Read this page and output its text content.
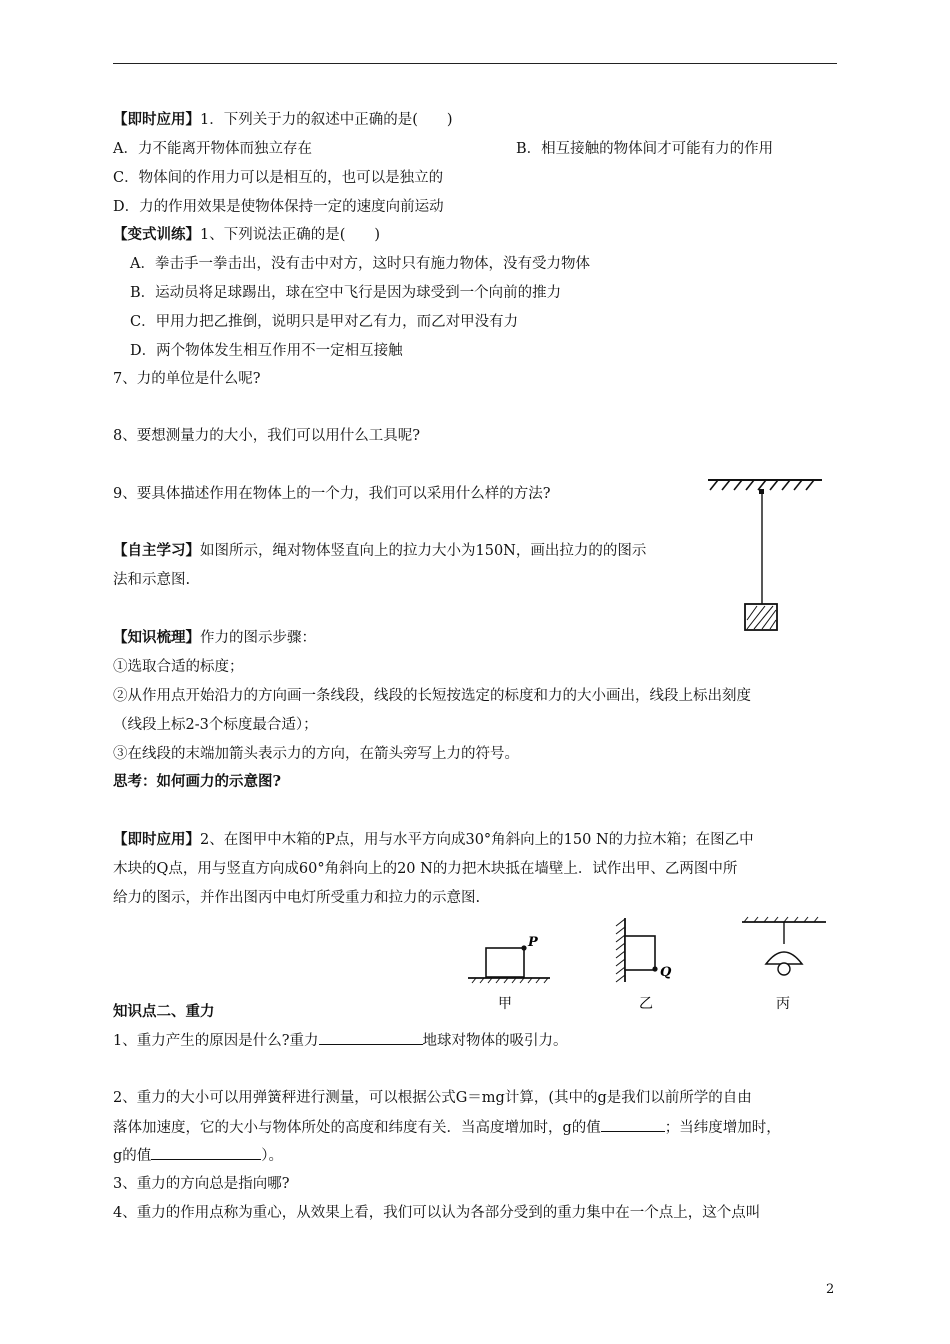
【即时应用】1．下列关于力的叙述中正确的是(　　)
A．力不能离开物体而独立存在	B．相互接触的物体间才可能有力的作用
C．物体间的作用力可以是相互的，也可以是独立的
D．力的作用效果是使物体保持一定的速度向前运动
【变式训练】1、下列说法正确的是(　　)
A．拳击手一拳击出，没有击中对方，这时只有施力物体，没有受力物体
B．运动员将足球踢出，球在空中飞行是因为球受到一个向前的推力
C．甲用力把乙推倒，说明只是甲对乙有力，而乙对甲没有力
D．两个物体发生相互作用不一定相互接触
7、力的单位是什么呢?
8、要想测量力的大小，我们可以用什么工具呢?
9、要具体描述作用在物体上的一个力，我们可以采用什么样的方法?
【自主学习】如图所示，绳对物体竖直向上的拉力大小为150N，画出拉力的的图示
法和示意图.
【知识梳理】作力的图示步骤：
①选取合适的标度；
②从作用点开始沿力的方向画一条线段，线段的长短按选定的标度和力的大小画出，线段上标出刻度
（线段上标2-3个标度最合适）；
③在线段的末端加箭头表示力的方向，在箭头旁写上力的符号。
思考：如何画力的示意图?
【即时应用】2、在图甲中木箱的P点，用与水平方向成30°角斜向上的150 N的力拉木箱；在图乙中
木块的Q点，用与竖直方向成60°角斜向上的20 N的力把木块抵在墙壁上．试作出甲、乙两图中所
给力的图示，并作出图丙中电灯所受重力和拉力的示意图.
P
甲
Q
乙	丙
知识点二、重力
1、重力产生的原因是什么?重力	地球对物体的吸引力。
2、重力的大小可以用弹簧秤进行测量，可以根据公式G＝mg计算，(其中的g是我们以前所学的自由
落体加速度，它的大小与物体所处的高度和纬度有关．当高度增加时，g的值	；当纬度增加时，
g的值	）。
3、重力的方向总是指向哪?
4、重力的作用点称为重心，从效果上看，我们可以认为各部分受到的重力集中在一个点上，这个点叫
2
